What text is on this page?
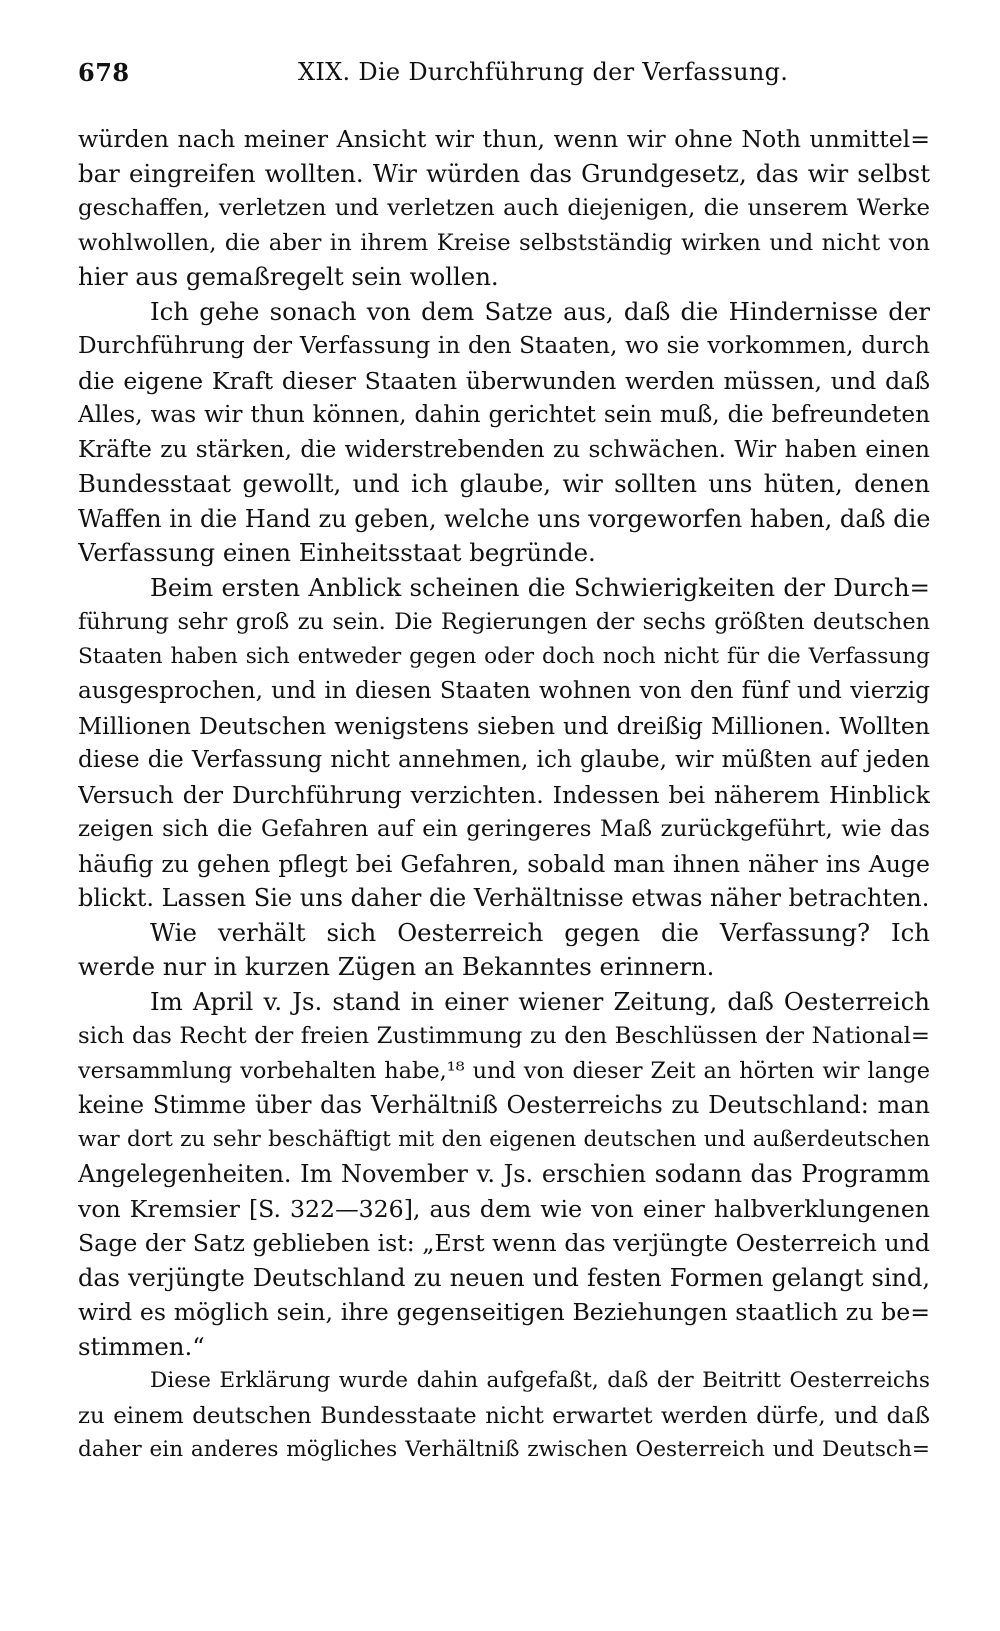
678	XIX. Die Durchführung der Verfassung.
würden nach meiner Ansicht wir thun, wenn wir ohne Noth unmittel=
bar eingreifen wollten. Wir würden das Grundgesetz, das wir selbst
geschaffen, verletzen und verletzen auch diejenigen, die unserem Werke
wohlwollen, die aber in ihrem Kreise selbstständig wirken und nicht von
hier aus gemaßregelt sein wollen.
Ich gehe sonach von dem Satze aus, daß die Hindernisse der
Durchführung der Verfassung in den Staaten, wo sie vorkommen, durch
die eigene Kraft dieser Staaten überwunden werden müssen, und daß
Alles, was wir thun können, dahin gerichtet sein muß, die befreundeten
Kräfte zu stärken, die widerstrebenden zu schwächen. Wir haben einen
Bundesstaat gewollt, und ich glaube, wir sollten uns hüten, denen
Waffen in die Hand zu geben, welche uns vorgeworfen haben, daß die
Verfassung einen Einheitsstaat begründe.
Beim ersten Anblick scheinen die Schwierigkeiten der Durch=
führung sehr groß zu sein. Die Regierungen der sechs größten deutschen
Staaten haben sich entweder gegen oder doch noch nicht für die Verfassung
ausgesprochen, und in diesen Staaten wohnen von den fünf und vierzig
Millionen Deutschen wenigstens sieben und dreißig Millionen. Wollten
diese die Verfassung nicht annehmen, ich glaube, wir müßten auf jeden
Versuch der Durchführung verzichten. Indessen bei näherem Hinblick
zeigen sich die Gefahren auf ein geringeres Maß zurückgeführt, wie das
häufig zu gehen pflegt bei Gefahren, sobald man ihnen näher ins Auge
blickt. Lassen Sie uns daher die Verhältnisse etwas näher betrachten.
Wie verhält sich Oesterreich gegen die Verfassung? Ich
werde nur in kurzen Zügen an Bekanntes erinnern.
Im April v. Js. stand in einer wiener Zeitung, daß Oesterreich
sich das Recht der freien Zustimmung zu den Beschlüssen der National=
versammlung vorbehalten habe,¹⁸ und von dieser Zeit an hörten wir lange
keine Stimme über das Verhältniß Oesterreichs zu Deutschland: man
war dort zu sehr beschäftigt mit den eigenen deutschen und außerdeutschen
Angelegenheiten. Im November v. Js. erschien sodann das Programm
von Kremsier [S. 322—326], aus dem wie von einer halbverklungenen
Sage der Satz geblieben ist: „Erst wenn das verjüngte Oesterreich und
das verjüngte Deutschland zu neuen und festen Formen gelangt sind,
wird es möglich sein, ihre gegenseitigen Beziehungen staatlich zu be=
stimmen.“
Diese Erklärung wurde dahin aufgefaßt, daß der Beitritt Oesterreichs
zu einem deutschen Bundesstaate nicht erwartet werden dürfe, und daß
daher ein anderes mögliches Verhältniß zwischen Oesterreich und Deutsch=
